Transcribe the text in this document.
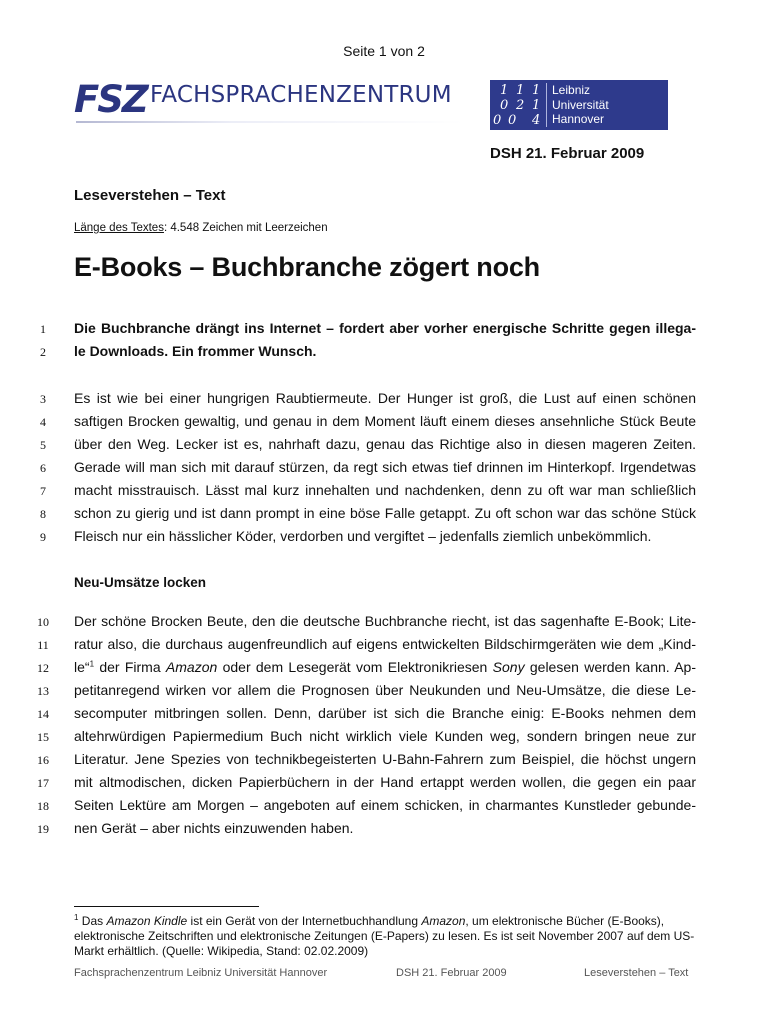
Seite 1 von 2
FSZ FACHSPRACHENZENTRUM	1 1 1
0 2 1
0 0 4
Leibniz
Universität
Hannover
DSH 21. Februar 2009
Leseverstehen – Text
Länge des Textes: 4.548 Zeichen mit Leerzeichen
E-Books – Buchbranche zögert noch
1	Die Buchbranche drängt ins Internet – fordert aber vorher energische Schritte gegen illega-
2	le Downloads. Ein frommer Wunsch.
3	Es ist wie bei einer hungrigen Raubtiermeute. Der Hunger ist groß, die Lust auf einen schönen
4	saftigen Brocken gewaltig, und genau in dem Moment läuft einem dieses ansehnliche Stück Beute
5	über den Weg. Lecker ist es, nahrhaft dazu, genau das Richtige also in diesen mageren Zeiten.
6	Gerade will man sich mit darauf stürzen, da regt sich etwas tief drinnen im Hinterkopf. Irgendetwas
7	macht misstrauisch. Lässt mal kurz innehalten und nachdenken, denn zu oft war man schließlich
8	schon zu gierig und ist dann prompt in eine böse Falle getappt. Zu oft schon war das schöne Stück
9	Fleisch nur ein hässlicher Köder, verdorben und vergiftet – jedenfalls ziemlich unbekömmlich.
Neu-Umsätze locken
10 Der schöne Brocken Beute, den die deutsche Buchbranche riecht, ist das sagenhafte E-Book; Lite-
11 ratur also, die durchaus augenfreundlich auf eigens entwickelten Bildschirmgeräten wie dem „Kind-
12 le“$^1$ der Firma Amazon oder dem Lesegerät vom Elektronikriesen Sony gelesen werden kann. Ap-
13 petitanregend wirken vor allem die Prognosen über Neukunden und Neu-Umsätze, die diese Le-
14 secomputer mitbringen sollen. Denn, darüber ist sich die Branche einig: E-Books nehmen dem
15 altehrwürdigen Papiermedium Buch nicht wirklich viele Kunden weg, sondern bringen neue zur
16 Literatur. Jene Spezies von technikbegeisterten U-Bahn-Fahrern zum Beispiel, die höchst ungern
17 mit altmodischen, dicken Papierbüchern in der Hand ertappt werden wollen, die gegen ein paar
18 Seiten Lektüre am Morgen – angeboten auf einem schicken, in charmantes Kunstleder gebunde-
19 nen Gerät – aber nichts einzuwenden haben.
$^1$ Das Amazon Kindle ist ein Gerät von der Internetbuchhandlung Amazon, um elektronische Bücher (E-Books), elektronische Zeitschriften und elektronische Zeitungen (E-Papers) zu lesen. Es ist seit November 2007 auf dem US-Markt erhältlich. (Quelle: Wikipedia, Stand: 02.02.2009)
Fachsprachenzentrum Leibniz Universität Hannover	DSH 21. Februar 2009	Leseverstehen – Text
